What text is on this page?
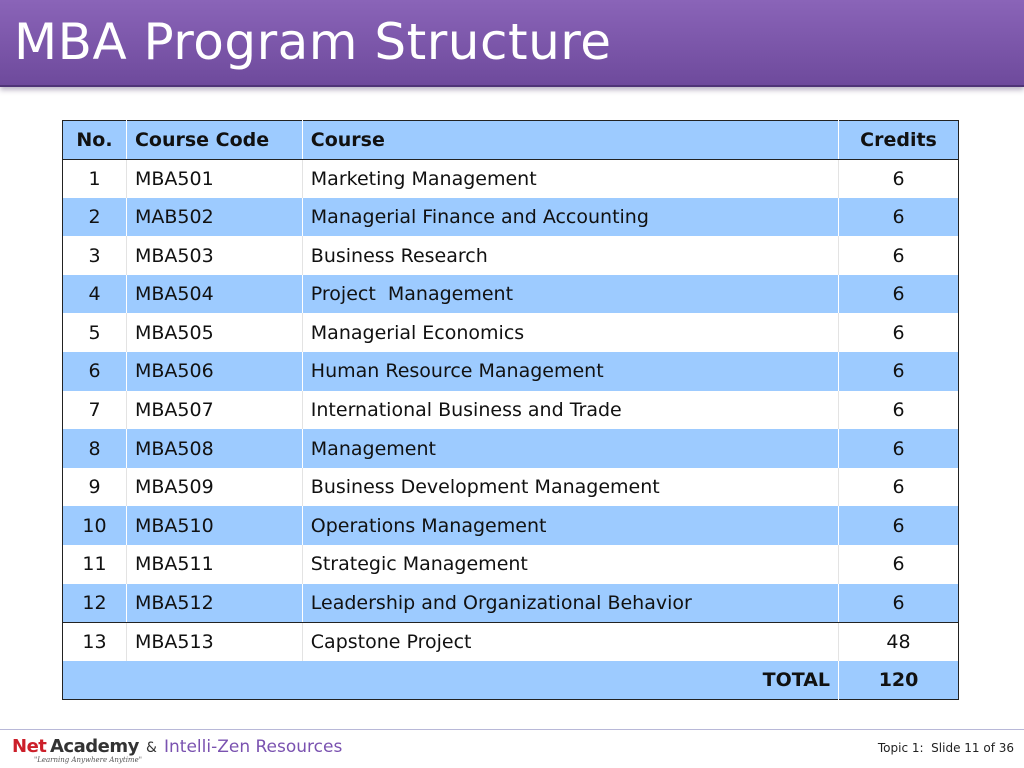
MBA Program Structure
No.	Course Code	Course	Credits
1	MBA501	Marketing Management	6
2	MAB502	Managerial Finance and Accounting	6
3	MBA503	Business Research	6
4	MBA504	Project  Management	6
5	MBA505	Managerial Economics	6
6	MBA506	Human Resource Management	6
7	MBA507	International Business and Trade	6
8	MBA508	Management	6
9	MBA509	Business Development Management	6
10	MBA510	Operations Management	6
11	MBA511	Strategic Management	6
12	MBA512	Leadership and Organizational Behavior	6
13	MBA513	Capstone Project	48
TOTAL			120
Net Academy
"Learning Anywhere Anytime"
& Intelli-Zen Resources	Topic 1:  Slide 11 of 36
